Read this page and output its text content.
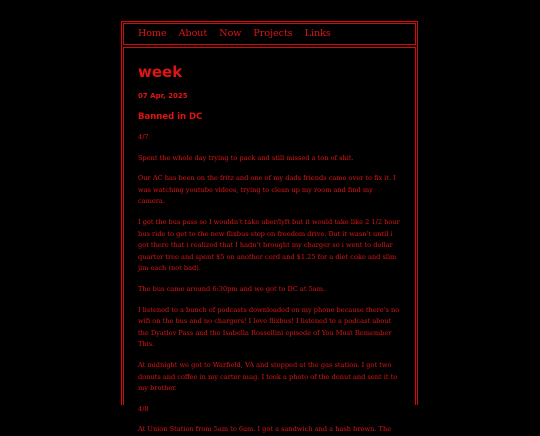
Home About Now Projects Links
week
07 Apr, 2025
Banned in DC

4/7

Spent the whole day trying to pack and still missed a ton of shit.

Our AC has been on the fritz and one of my dads friends came over to fix it. I was watching youtube videos, trying to clean up my room and find my camera.

I got the bus pass so I wouldn't take uber/lyft but it would take like 2 1/2 hour bus ride to get to the new flixbus stop on freedom drive. But it wasn't until i got there that i realized that I hadn't brought my charger so i went to dollar quarter tree and spent $5 on another cord and $1.25 for a diet coke and slim jim each (not bad).

The bus came around 6:30pm and we got to DC at 5am.

I listened to a bunch of podcasts downloaded on my phone because there's no wifi on the bus and no chargers! I love flixbus! I listened to a podcast about the Dyatlov Pass and the Isabella Rossellini episode of You Must Remember This.

At midnight we got to Warfield, VA and stopped at the gas station. I got two donuts and coffee in my carter mug. I took a photo of the donut and sent it to my brother.

4/8

At Union Station from 5am to 6am. I got a sandwich and a hash brown. The
